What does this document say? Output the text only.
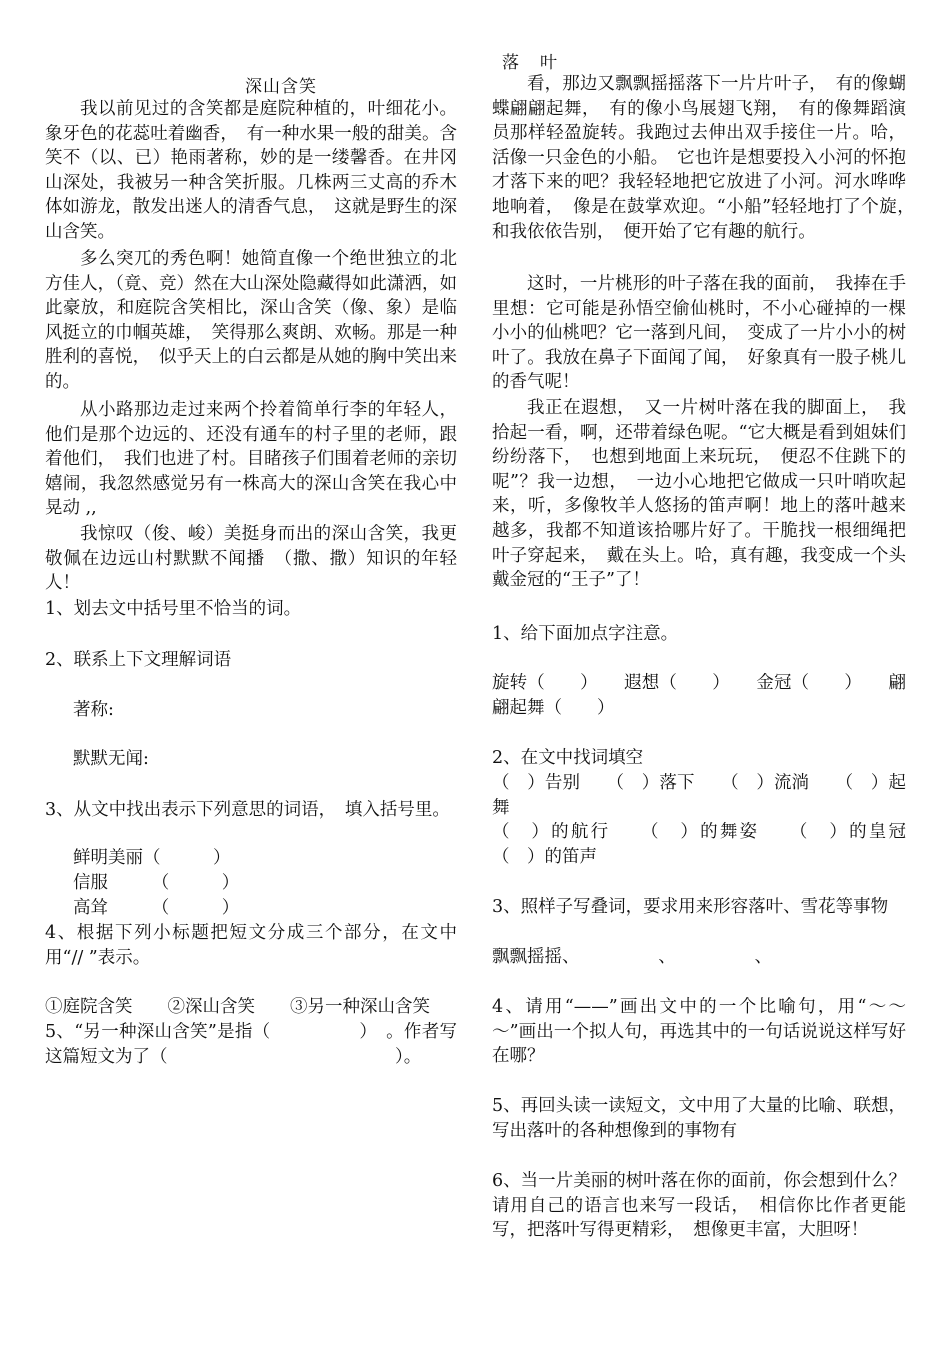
深山含笑
我以前见过的含笑都是庭院种植的，叶细花小。象牙色的花蕊吐着幽香，　有一种水果一般的甜美。含笑不（以、已）艳雨著称，妙的是一缕馨香。在井冈山深处，我被另一种含笑折服。几株两三丈高的乔木体如游龙，散发出迷人的清香气息，　这就是野生的深山含笑。
多么突兀的秀色啊！她简直像一个绝世独立的北方佳人，（竟、竞）然在大山深处隐藏得如此潇洒，如此豪放，和庭院含笑相比，深山含笑（像、象）是临风挺立的巾帼英雄，　笑得那么爽朗、欢畅。那是一种胜利的喜悦，　似乎天上的白云都是从她的胸中笑出来的。
从小路那边走过来两个拎着简单行李的年轻人，他们是那个边远的、还没有通车的村子里的老师，跟着他们，　我们也进了村。目睹孩子们围着老师的亲切嬉闹，我忽然感觉另有一株高大的深山含笑在我心中晃动 ,,
我惊叹（俊、峻）美挺身而出的深山含笑，我更敬佩在边远山村默默不闻播　（撒、撒）知识的年轻人！
1、划去文中括号里不恰当的词。
2、联系上下文理解词语
著称:
默默无闻:
3、从文中找出表示下列意思的词语，　填入括号里。
鲜明美丽（　　　）
信服　　　（　　　）
高耸　　　（　　　）
4、根据下列小标题把短文分成三个部分，在文中用“// ”表示。
①庭院含笑　　②深山含笑　　③另一种深山含笑
5、“另一种深山含笑”是指（　　　　　）　。作者写这篇短文为了（　　　　　　　　　　　　　）。
落　叶
看，那边又飘飘摇摇落下一片片叶子，　有的像蝴蝶翩翩起舞，　有的像小鸟展翅飞翔，　有的像舞蹈演员那样轻盈旋转。我跑过去伸出双手接住一片。哈，活像一只金色的小船。　它也许是想要投入小河的怀抱才落下来的吧？我轻轻地把它放进了小河。河水哗哗地响着，　像是在鼓掌欢迎。“小船”轻轻地打了个旋，　和我依依告别，　便开始了它有趣的航行。
这时，一片桃形的叶子落在我的面前，　我捧在手里想：它可能是孙悟空偷仙桃时，不小心碰掉的一棵小小的仙桃吧？它一落到凡间，　变成了一片小小的树叶了。我放在鼻子下面闻了闻，　好象真有一股子桃儿的香气呢！
我正在遐想，　又一片树叶落在我的脚面上，　我拾起一看，啊，还带着绿色呢。“它大概是看到姐妹们纷纷落下，　也想到地面上来玩玩，　便忍不住跳下的呢”？我一边想，　一边小心地把它做成一只叶哨吹起来，听，多像牧羊人悠扬的笛声啊！地上的落叶越来越多，我都不知道该拾哪片好了。干脆找一根细绳把叶子穿起来，　戴在头上。哈，真有趣，我变成一个头戴金冠的“王子”了！
1、给下面加点字注意。
旋转（　　）　　遐想（　　）　　金冠（　　）　　翩翩起舞（　　）
2、在文中找词填空
（　）告别　　（　）落下　　（　）流淌　　（　）起舞
（　）的航行　　（　）的舞姿　　（　）的皇冠　　（　）的笛声
3、照样子写叠词，要求用来形容落叶、雪花等事物
飘飘摇摇、　　　　　、　　　　　、
4、请用“——”画出文中的一个比喻句，用“～～～”画出一个拟人句，再选其中的一句话说说这样写好在哪？
5、再回头读一读短文，文中用了大量的比喻、联想，写出落叶的各种想像到的事物有
6、当一片美丽的树叶落在你的面前，你会想到什么？请用自己的语言也来写一段话，　相信你比作者更能写，把落叶写得更精彩，　想像更丰富，大胆呀！
